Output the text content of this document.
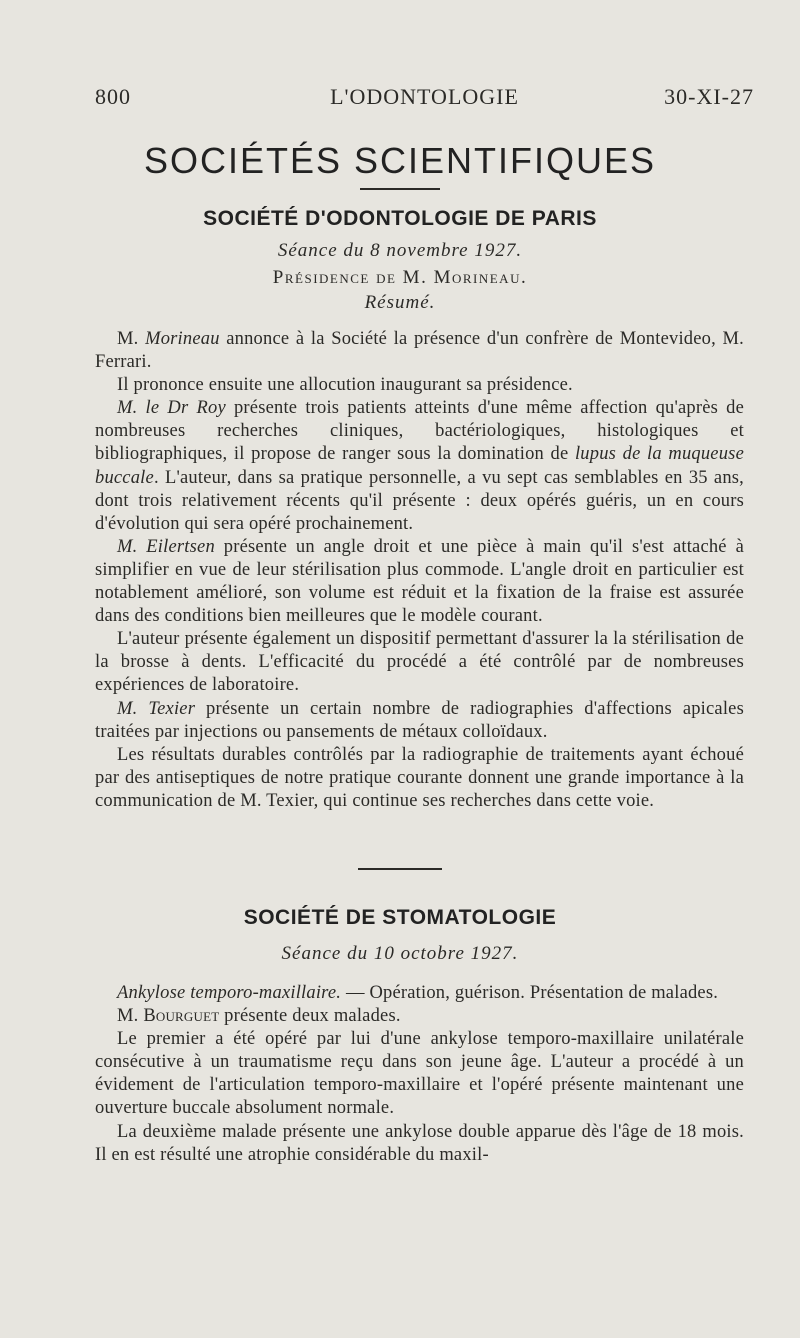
800	L'ODONTOLOGIE	30-XI-27
SOCIÉTÉS SCIENTIFIQUES
SOCIÉTÉ D'ODONTOLOGIE DE PARIS
Séance du 8 novembre 1927.
Présidence de M. Morineau.
Résumé.

M. Morineau annonce à la Société la présence d'un confrère de Montevideo, M. Ferrari.

Il prononce ensuite une allocution inaugurant sa présidence.

M. le Dr Roy présente trois patients atteints d'une même affection qu'après de nombreuses recherches cliniques, bactériologiques, histologiques et bibliographiques, il propose de ranger sous la domination de lupus de la muqueuse buccale. L'auteur, dans sa pratique personnelle, a vu sept cas semblables en 35 ans, dont trois relativement récents qu'il présente : deux opérés guéris, un en cours d'évolution qui sera opéré prochainement.

M. Eilertsen présente un angle droit et une pièce à main qu'il s'est attaché à simplifier en vue de leur stérilisation plus commode. L'angle droit en particulier est notablement amélioré, son volume est réduit et la fixation de la fraise est assurée dans des conditions bien meilleures que le modèle courant.

L'auteur présente également un dispositif permettant d'assurer la la stérilisation de la brosse à dents. L'efficacité du procédé a été contrôlé par de nombreuses expériences de laboratoire.

M. Texier présente un certain nombre de radiographies d'affections apicales traitées par injections ou pansements de métaux colloïdaux.

Les résultats durables contrôlés par la radiographie de traitements ayant échoué par des antiseptiques de notre pratique courante donnent une grande importance à la communication de M. Texier, qui continue ses recherches dans cette voie.

SOCIÉTÉ DE STOMATOLOGIE
Séance du 10 octobre 1927.

Ankylose temporo-maxillaire. — Opération, guérison. Présentation de malades.

M. Bourguet présente deux malades.

Le premier a été opéré par lui d'une ankylose temporo-maxillaire unilatérale consécutive à un traumatisme reçu dans son jeune âge. L'auteur a procédé à un évidement de l'articulation temporo-maxillaire et l'opéré présente maintenant une ouverture buccale absolument normale.

La deuxième malade présente une ankylose double apparue dès l'âge de 18 mois. Il en est résulté une atrophie considérable du maxil-
